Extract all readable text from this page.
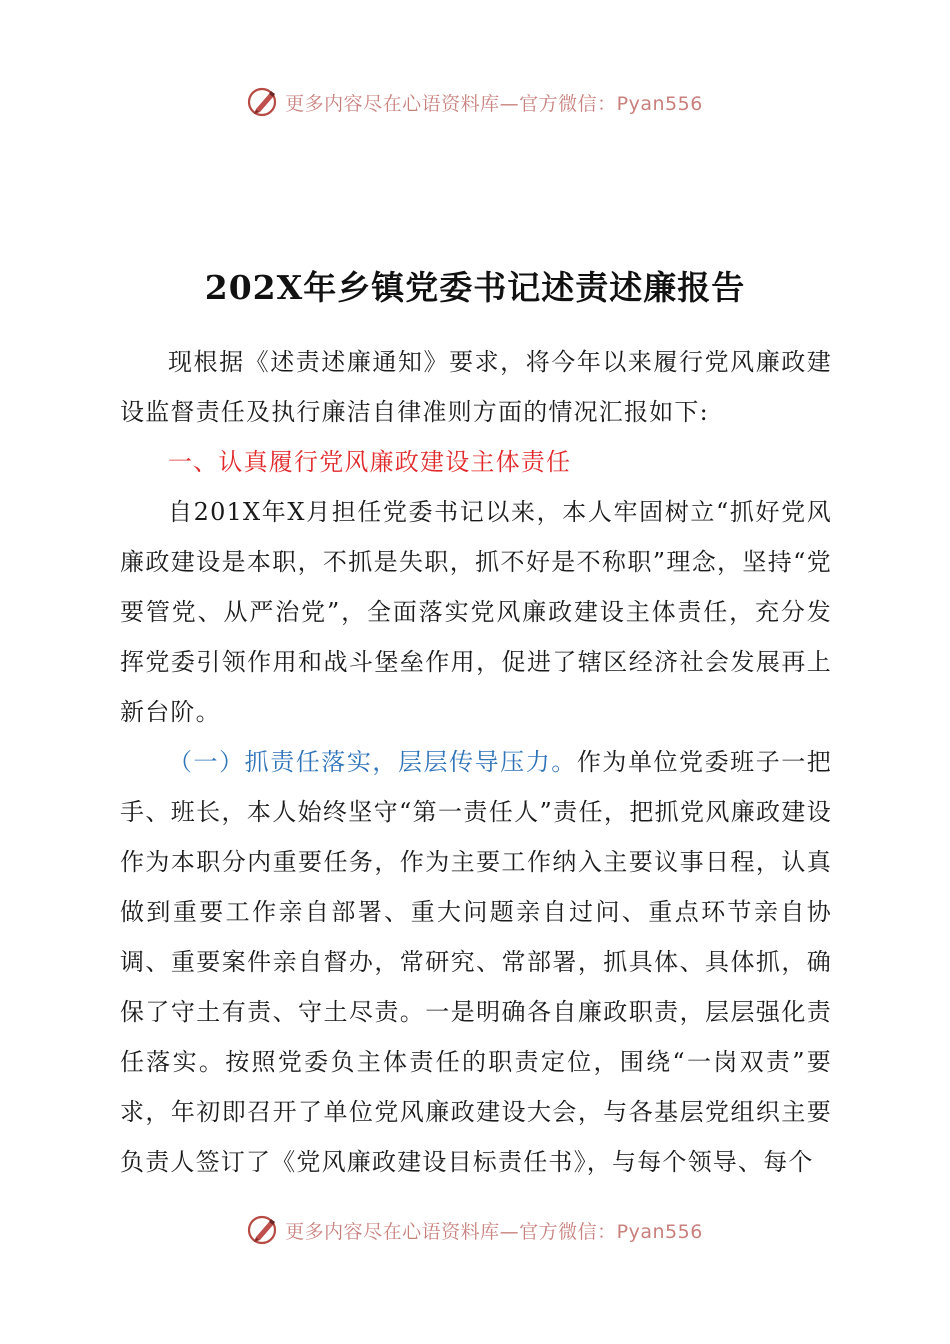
更多内容尽在心语资料库—官方微信：Pyan556
202X年乡镇党委书记述责述廉报告

现根据《述责述廉通知》要求，将今年以来履行党风廉政建设监督责任及执行廉洁自律准则方面的情况汇报如下:

一、认真履行党风廉政建设主体责任

自201X年X月担任党委书记以来，本人牢固树立“抓好党风廉政建设是本职，不抓是失职，抓不好是不称职”理念，坚持“党要管党、从严治党”，全面落实党风廉政建设主体责任，充分发挥党委引领作用和战斗堡垒作用，促进了辖区经济社会发展再上新台阶。

（一）抓责任落实，层层传导压力。作为单位党委班子一把手、班长，本人始终坚守“第一责任人”责任，把抓党风廉政建设作为本职分内重要任务，作为主要工作纳入主要议事日程，认真做到重要工作亲自部署、重大问题亲自过问、重点环节亲自协调、重要案件亲自督办，常研究、常部署，抓具体、具体抓，确保了守土有责、守土尽责。一是明确各自廉政职责，层层强化责任落实。按照党委负主体责任的职责定位，围绕“一岗双责”要求，年初即召开了单位党风廉政建设大会，与各基层党组织主要负责人签订了《党风廉政建设目标责任书》，与每个领导、每个

更多内容尽在心语资料库—官方微信：Pyan556
